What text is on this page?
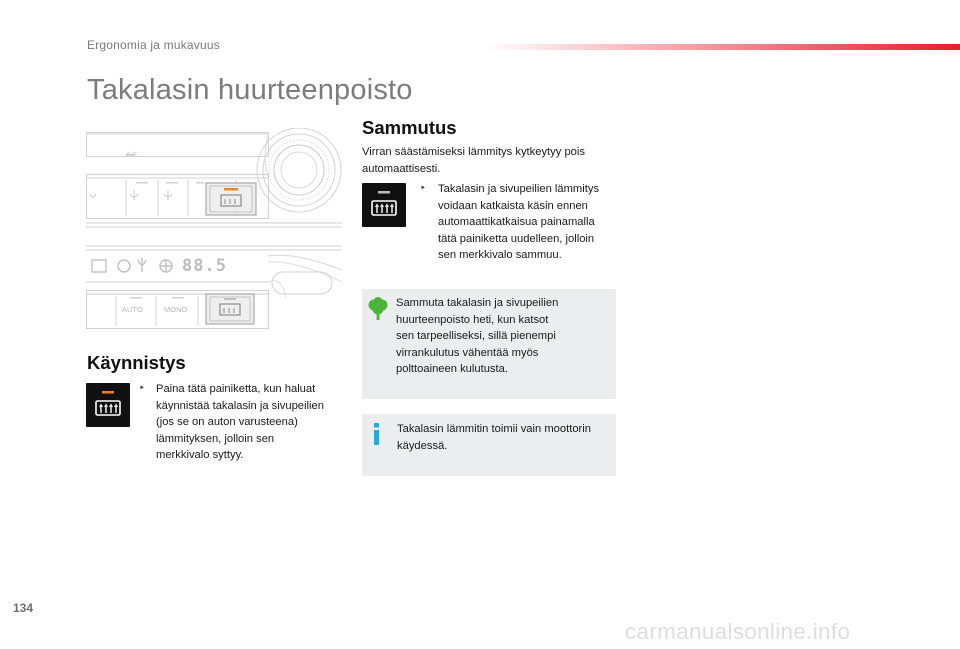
Ergonomia ja mukavuus
Takalasin huurteenpoisto
A/C
88.5
AUTO	MONO
Käynnistys
‣ Paina tätä painiketta, kun haluat
käynnistää takalasin ja sivupeilien
(jos se on auton varusteena)
lämmityksen, jolloin sen
merkkivalo syttyy.
Sammutus
Virran säästämiseksi lämmitys kytkeytyy pois
automaattisesti.
‣ Takalasin ja sivupeilien lämmitys
voidaan katkaista käsin ennen
automaattikatkaisua painamalla
tätä painiketta uudelleen, jolloin
sen merkkivalo sammuu.
Sammuta takalasin ja sivupeilien
huurteenpoisto heti, kun katsot
sen tarpeelliseksi, sillä pienempi
virrankulutus vähentää myös
polttoaineen kulutusta.
Takalasin lämmitin toimii vain moottorin
käydessä.
134
carmanualsonline.info
